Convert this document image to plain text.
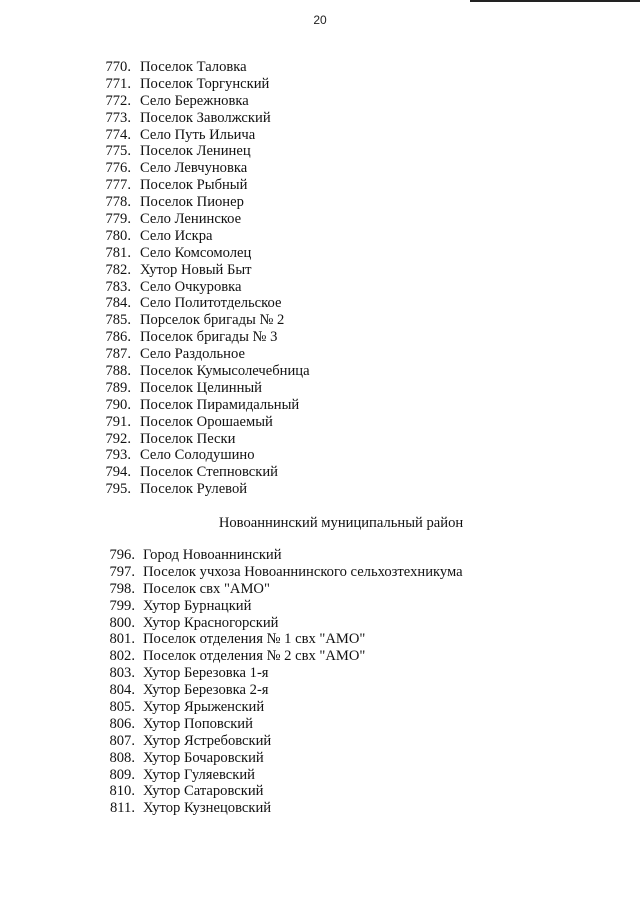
20
770. Поселок Таловка
771. Поселок Торгунский
772. Село Бережновка
773. Поселок Заволжский
774. Село Путь Ильича
775. Поселок Ленинец
776. Село Левчуновка
777. Поселок Рыбный
778. Поселок Пионер
779. Село Ленинское
780. Село Искра
781. Село Комсомолец
782. Хутор Новый Быт
783. Село Очкуровка
784. Село Политотдельское
785. Порселок бригады № 2
786. Поселок бригады № 3
787. Село Раздольное
788. Поселок Кумысолечебница
789. Поселок Целинный
790. Поселок Пирамидальный
791. Поселок Орошаемый
792. Поселок Пески
793. Село Солодушино
794. Поселок Степновский
795. Поселок Рулевой
Новоаннинский муниципальный район
796. Город Новоаннинский
797. Поселок учхоза Новоаннинского сельхозтехникума
798. Поселок свх "АМО"
799. Хутор Бурнацкий
800. Хутор Красногорский
801. Поселок отделения № 1 свх "АМО"
802. Поселок отделения № 2 свх "АМО"
803. Хутор Березовка 1-я
804. Хутор Березовка 2-я
805. Хутор Ярыженский
806. Хутор Поповский
807. Хутор Ястребовский
808. Хутор Бочаровский
809. Хутор Гуляевский
810. Хутор Сатаровский
811. Хутор Кузнецовский
